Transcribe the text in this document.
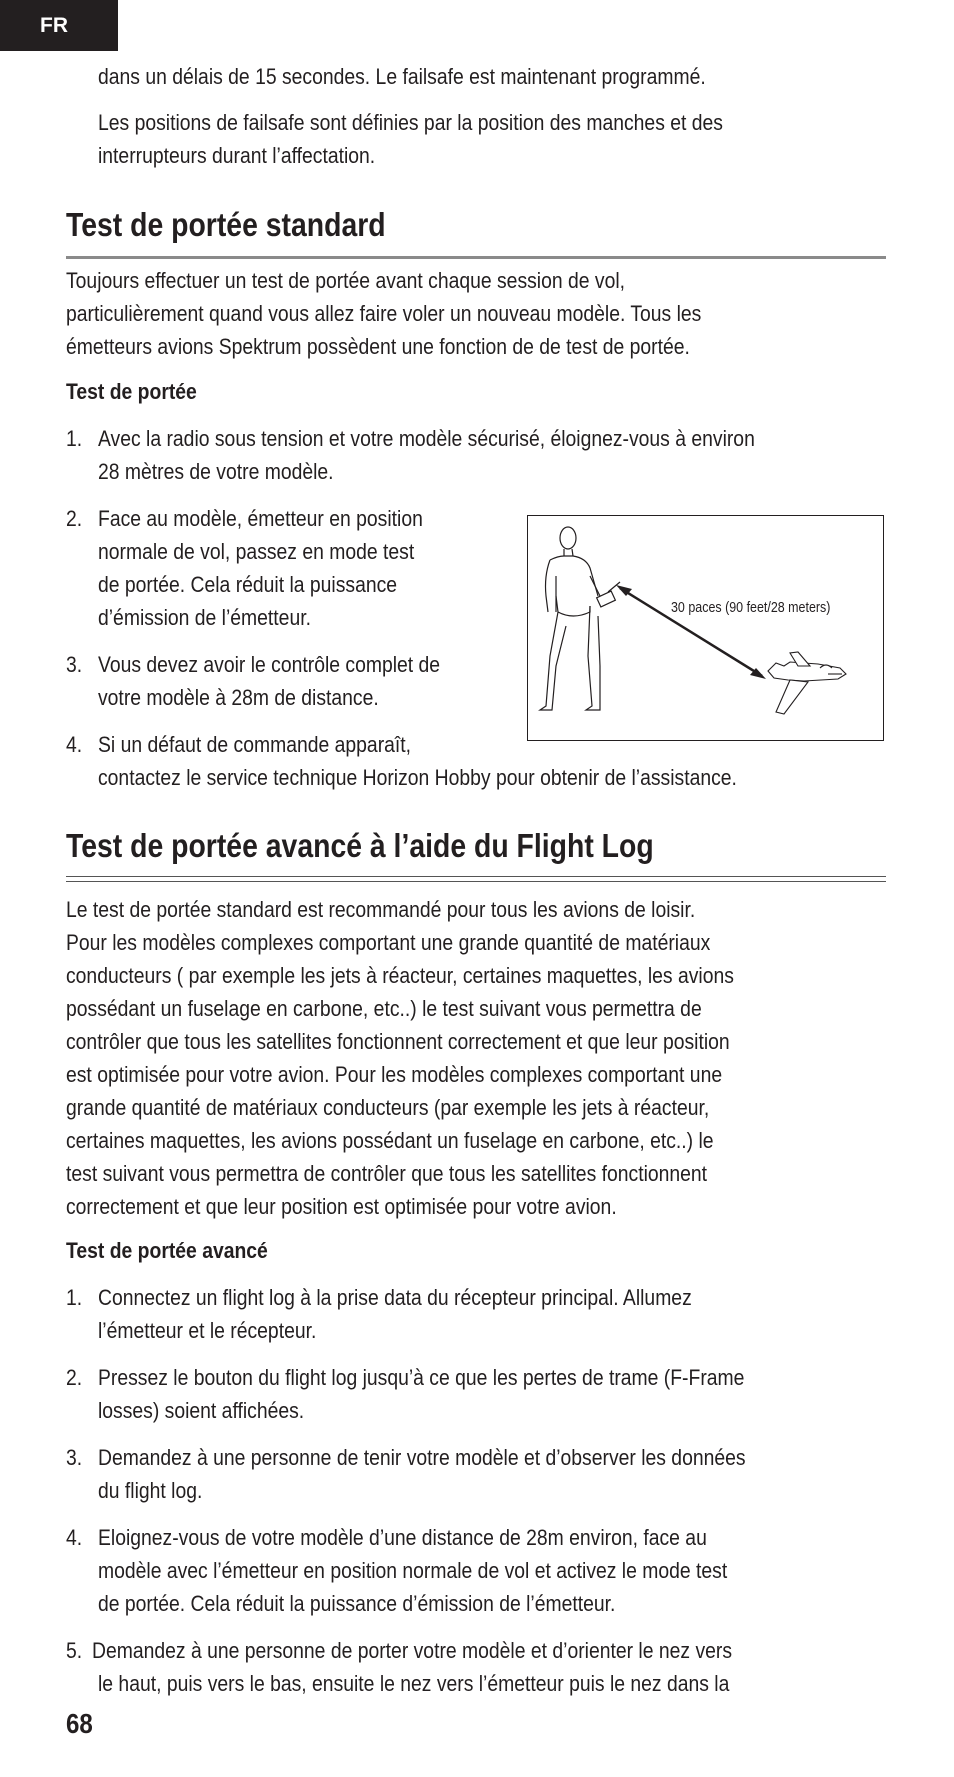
FR
dans un délais de 15 secondes. Le failsafe est maintenant programmé.
Les positions de failsafe sont définies par la position des manches et des
interrupteurs durant l’affectation.
Test de portée standard
Toujours effectuer un test de portée avant chaque session de vol,
particulièrement quand vous allez faire voler un nouveau modèle. Tous les
émetteurs avions Spektrum possèdent une fonction de de test de portée.
Test de portée
1. Avec la radio sous tension et votre modèle sécurisé, éloignez-vous à environ
28 mètres de votre modèle.
2. Face au modèle, émetteur en position
normale de vol, passez en mode test
de portée. Cela réduit la puissance
d’émission de l’émetteur.
3. Vous devez avoir le contrôle complet de
votre modèle à 28m de distance.
4. Si un défaut de commande apparaît,
contactez le service technique Horizon Hobby pour obtenir de l’assistance.
30 paces (90 feet/28 meters)
Test de portée avancé à l’aide du Flight Log
Le test de portée standard est recommandé pour tous les avions de loisir.
Pour les modèles complexes comportant une grande quantité de matériaux
conducteurs ( par exemple les jets à réacteur, certaines maquettes, les avions
possédant un fuselage en carbone, etc..) le test suivant vous permettra de
contrôler que tous les satellites fonctionnent correctement et que leur position
est optimisée pour votre avion. Pour les modèles complexes comportant une
grande quantité de matériaux conducteurs (par exemple les jets à réacteur,
certaines maquettes, les avions possédant un fuselage en carbone, etc..) le
test suivant vous permettra de contrôler que tous les satellites fonctionnent
correctement et que leur position est optimisée pour votre avion.
Test de portée avancé
1. Connectez un flight log à la prise data du récepteur principal. Allumez
l’émetteur et le récepteur.
2. Pressez le bouton du flight log jusqu’à ce que les pertes de trame (F-Frame
losses) soient affichées.
3. Demandez à une personne de tenir votre modèle et d’observer les données
du flight log.
4. Eloignez-vous de votre modèle d’une distance de 28m environ, face au
modèle avec l’émetteur en position normale de vol et activez le mode test
de portée. Cela réduit la puissance d’émission de l’émetteur.
5. Demandez à une personne de porter votre modèle et d’orienter le nez vers
le haut, puis vers le bas, ensuite le nez vers l’émetteur puis le nez dans la
68
